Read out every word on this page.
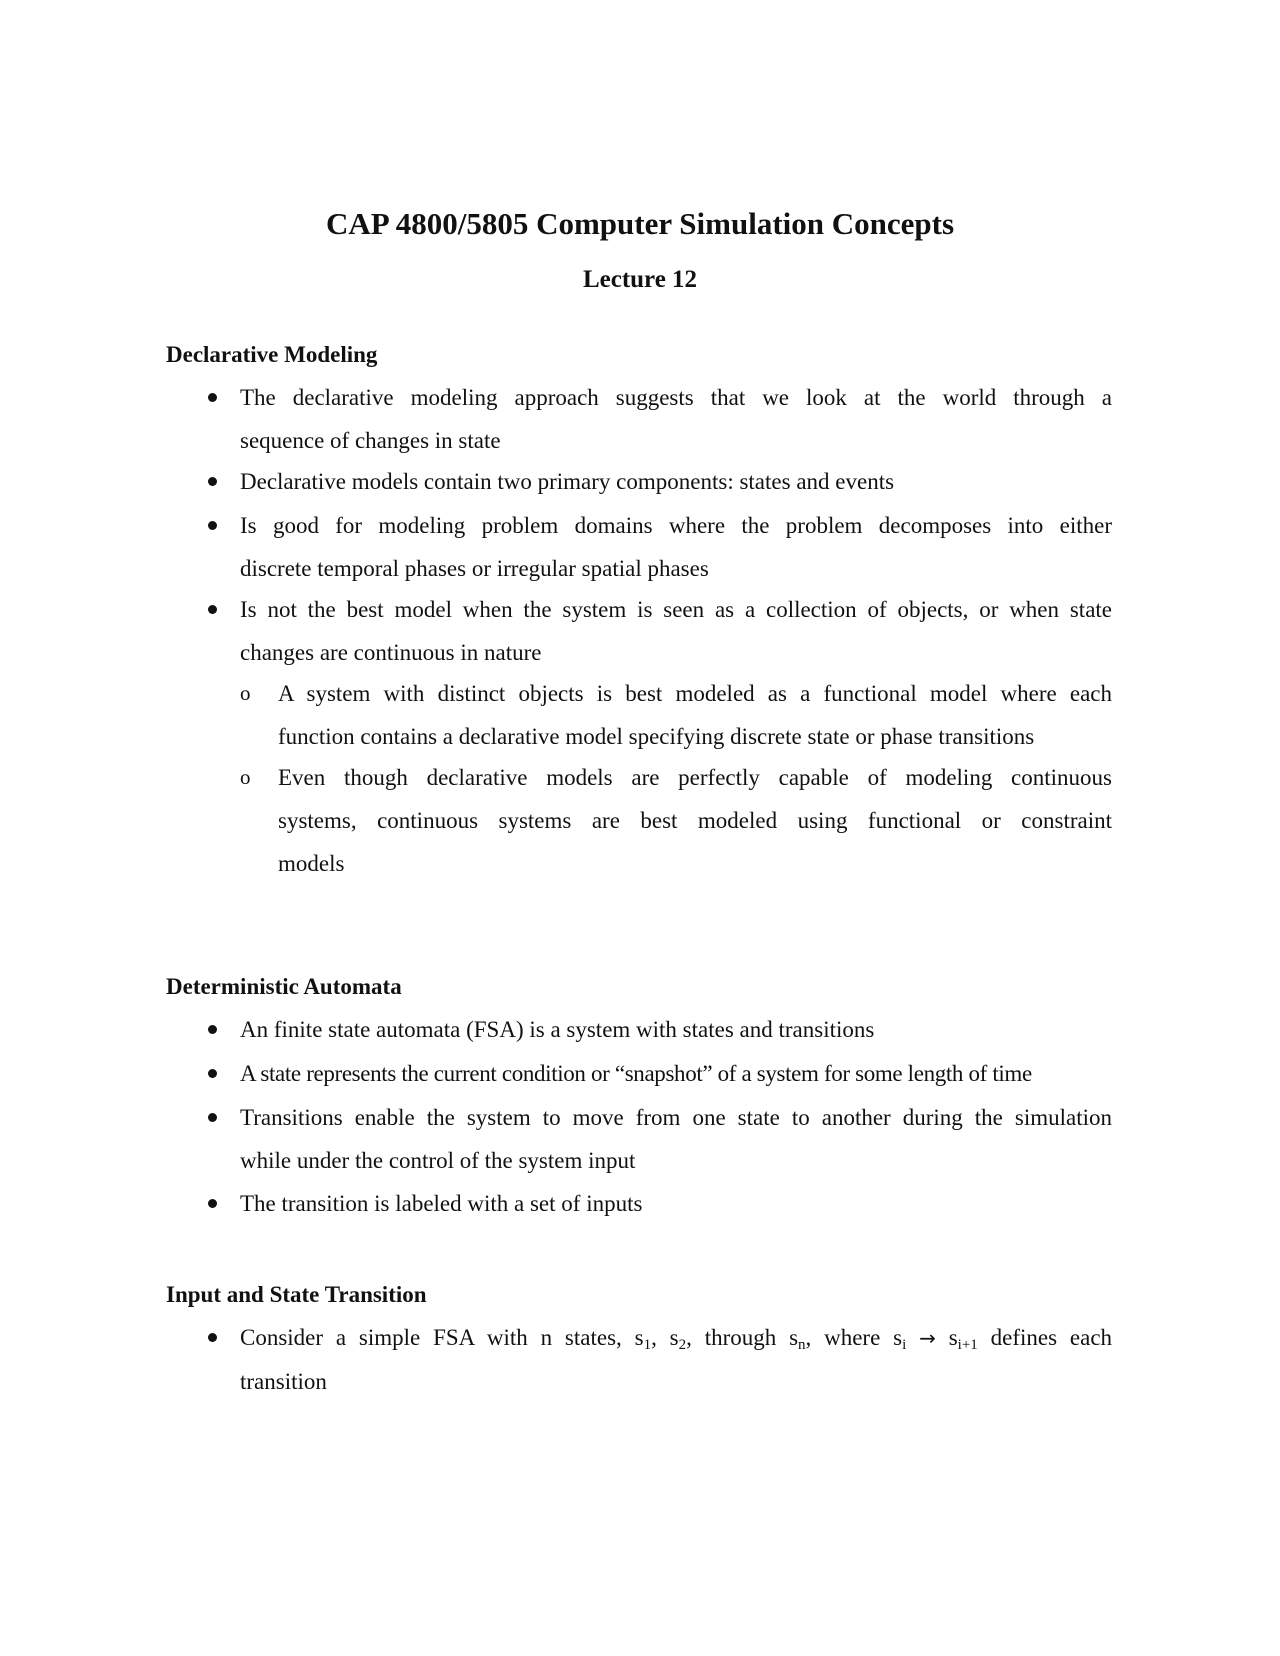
CAP 4800/5805 Computer Simulation Concepts
Lecture 12
Declarative Modeling
The declarative modeling approach suggests that we look at the world through a
sequence of changes in state
Declarative models contain two primary components: states and events
Is good for modeling problem domains where the problem decomposes into either
discrete temporal phases or irregular spatial phases
Is not the best model when the system is seen as a collection of objects, or when state
changes are continuous in nature
o A system with distinct objects is best modeled as a functional model where each
function contains a declarative model specifying discrete state or phase transitions
o Even though declarative models are perfectly capable of modeling continuous
systems, continuous systems are best modeled using functional or constraint
models
Deterministic Automata
An finite state automata (FSA) is a system with states and transitions
A state represents the current condition or “snapshot” of a system for some length of time
Transitions enable the system to move from one state to another during the simulation
while under the control of the system input
The transition is labeled with a set of inputs
Input and State Transition
Consider a simple FSA with n states, $s_1$, $s_2$, through $s_n$, where $s_i \to s_{i+1}$ defines each
transition
